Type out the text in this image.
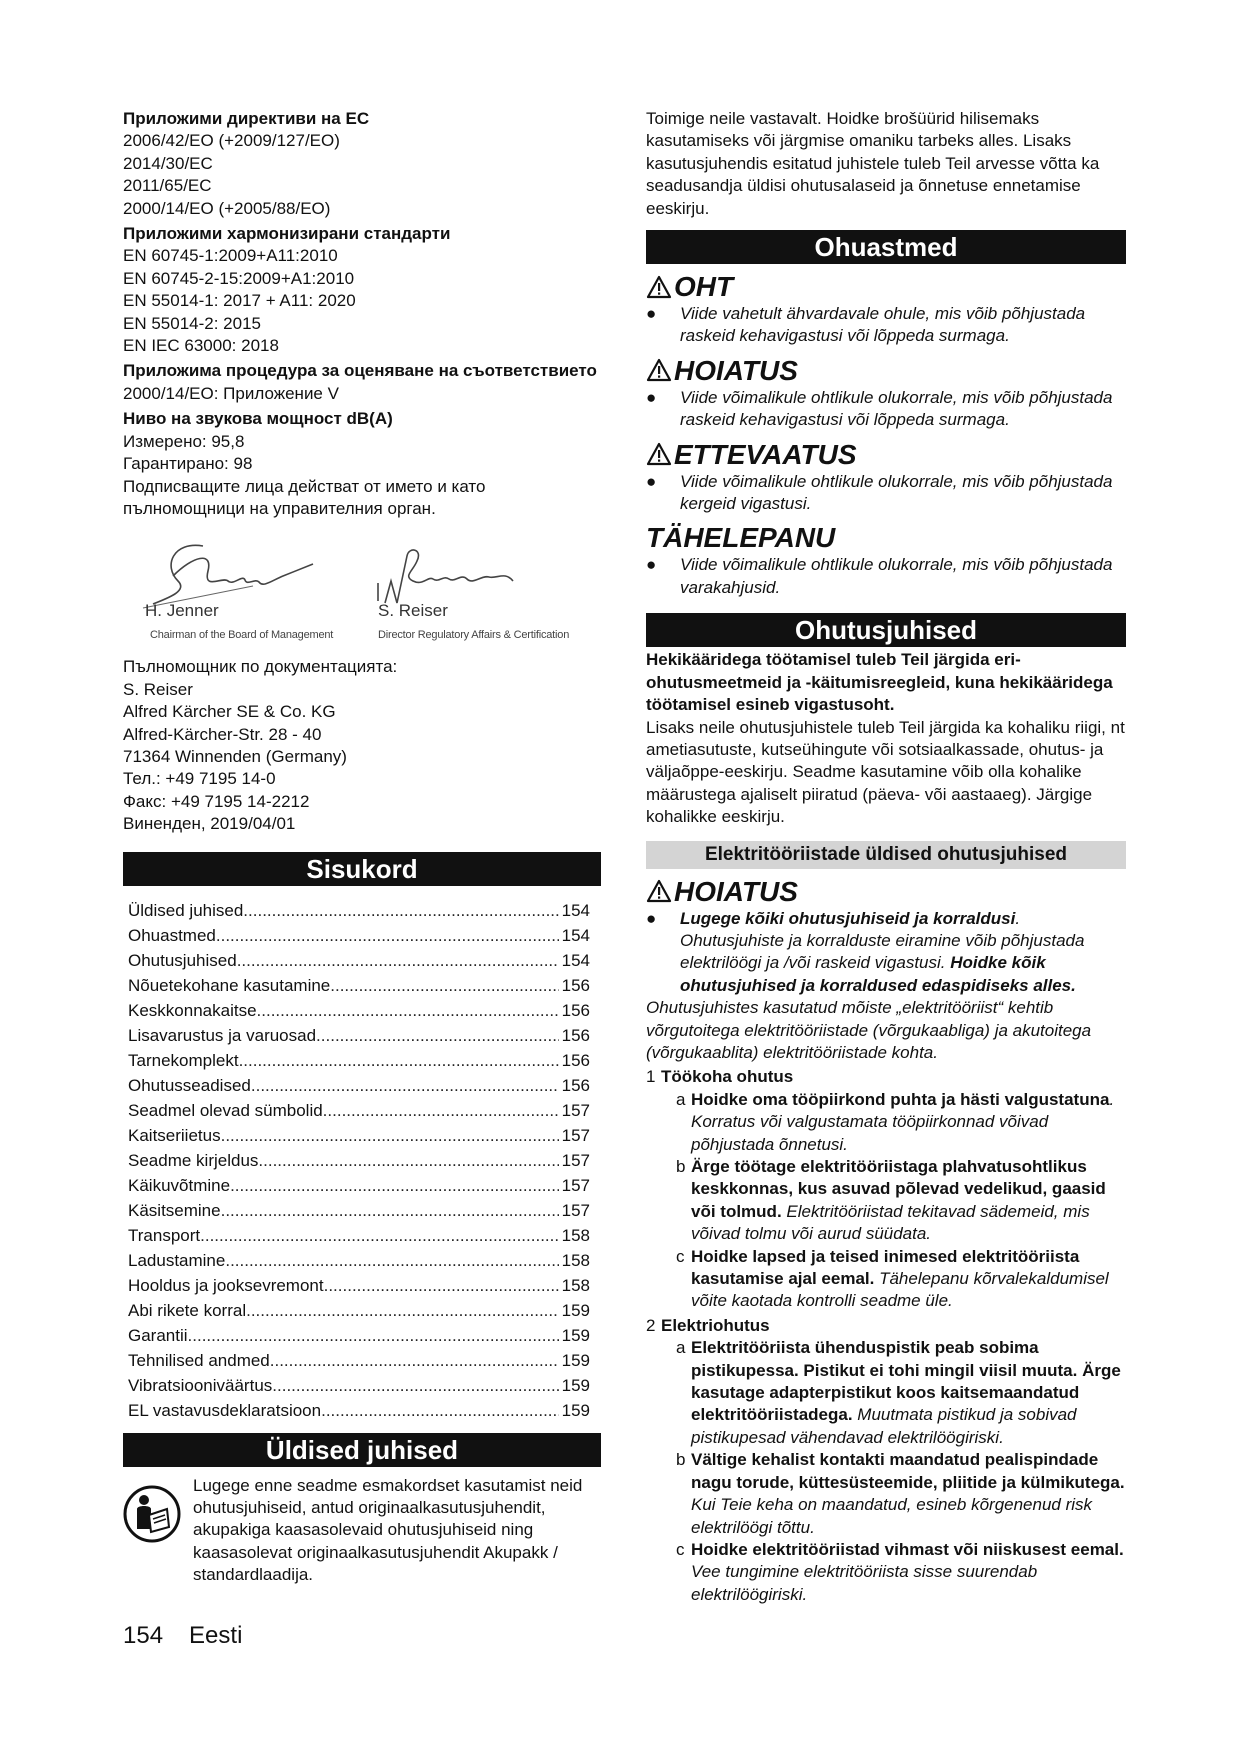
Приложими директиви на ЕС

2006/42/EO (+2009/127/EO)

2014/30/EC

2011/65/EC

2000/14/EO (+2005/88/EO)

Приложими хармонизирани стандарти

EN 60745-1:2009+A11:2010

EN 60745-2-15:2009+A1:2010

EN 55014-1: 2017 + A11: 2020

EN 55014-2: 2015

EN IEC 63000: 2018

Приложима процедура за оценяване на съответствието

2000/14/EO: Приложение V

Ниво на звукова мощност dB(A)

Измерено: 95,8

Гарантирано: 98

Подписващите лица действат от името и като пълномощници на управителния орган.

H. Jenner
Chairman of the Board of Management
S. Reiser
Director Regulatory Affairs & Certification

Пълномощник по документацията:

S. Reiser

Alfred Kärcher SE & Co. KG

Alfred-Kärcher-Str. 28 - 40

71364 Winnenden (Germany)

Тел.: +49 7195 14-0

Факс: +49 7195 14-2212

Виненден, 2019/04/01

Sisukord
Üldised juhised .....	154
Ohuastmed .....	154
Ohutusjuhised .....	154
Nõuetekohane kasutamine .....	156
Keskkonnakaitse .....	156
Lisavarustus ja varuosad .....	156
Tarnekomplekt .....	156
Ohutusseadised .....	156
Seadmel olevad sümbolid .....	157
Kaitseriietus .....	157
Seadme kirjeldus .....	157
Käikuvõtmine .....	157
Käsitsemine .....	157
Transport .....	158
Ladustamine .....	158
Hooldus ja jooksevremont .....	158
Abi rikete korral .....	159
Garantii .....	159
Tehnilised andmed .....	159
Vibratsiooniväärtus .....	159
EL vastavusdeklaratsioon .....	159
Üldised juhised

Lugege enne seadme esmakordset kasutamist neid ohutusjuhiseid, antud originaalkasutusjuhendit, akupakiga kaasasolevaid ohutusjuhiseid ning kaasasolevat originaalkasutusjuhendit Akupakk / standardlaadija.

Toimige neile vastavalt. Hoidke brošüürid hilisemaks kasutamiseks või järgmise omaniku tarbeks alles. Lisaks kasutusjuhendis esitatud juhistele tuleb Teil arvesse võtta ka seadusandja üldisi ohutusalaseid ja õnnetuse ennetamise eeskirju.

Ohuastmed
OHT
●	Viide vahetult ähvardavale ohule, mis võib põhjustada raskeid kehavigastusi või lõppeda surmaga.
HOIATUS
●	Viide võimalikule ohtlikule olukorrale, mis võib põhjustada raskeid kehavigastusi või lõppeda surmaga.
ETTEVAATUS
●	Viide võimalikule ohtlikule olukorrale, mis võib põhjustada kergeid vigastusi.
TÄHELEPANU
●	Viide võimalikule ohtlikule olukorrale, mis võib põhjustada varakahjusid.
Ohutusjuhised

Hekikääridega töötamisel tuleb Teil järgida eri-ohutusmeetmeid ja -käitumisreegleid, kuna hekikääridega töötamisel esineb vigastusoht.

Lisaks neile ohutusjuhistele tuleb Teil järgida ka kohaliku riigi, nt ametiasutuste, kutseühingute või sotsiaalkassade, ohutus- ja väljaõppe-eeskirju. Seadme kasutamine võib olla kohalike määrustega ajaliselt piiratud (päeva- või aastaaeg). Järgige kohalikke eeskirju.

Elektritööriistade üldised ohutusjuhised
HOIATUS
●	Lugege kõiki ohutusjuhiseid ja korraldusi. Ohutusjuhiste ja korralduste eiramine võib põhjustada elektrilöögi ja /või raskeid vigastusi. Hoidke kõik ohutusjuhised ja korraldused edaspidiseks alles.

Ohutusjuhistes kasutatud mõiste „elektritööriist“ kehtib võrgutoitega elektritööriistade (võrgukaabliga) ja akutoitega (võrgukaablita) elektritööriistade kohta.

1 Töökoha ohutus
a Hoidke oma tööpiirkond puhta ja hästi valgustatuna. Korratus või valgustamata tööpiirkonnad võivad põhjustada õnnetusi.
b Ärge töötage elektritööriistaga plahvatusohtlikus keskkonnas, kus asuvad põlevad vedelikud, gaasid või tolmud. Elektritööriistad tekitavad sädemeid, mis võivad tolmu või aurud süüdata.
c Hoidke lapsed ja teised inimesed elektritööriista kasutamise ajal eemal. Tähelepanu kõrvalekaldumisel võite kaotada kontrolli seadme üle.
2 Elektriohutus
a Elektritööriista ühenduspistik peab sobima pistikupessa. Pistikut ei tohi mingil viisil muuta. Ärge kasutage adapterpistikut koos kaitsemaandatud elektritööriistadega. Muutmata pistikud ja sobivad pistikupesad vähendavad elektrilöögiriski.
b Vältige kehalist kontakti maandatud pealispindade nagu torude, küttesüsteemide, pliitide ja külmikutega. Kui Teie keha on maandatud, esineb kõrgenenud risk elektrilöögi tõttu.
c Hoidke elektritööriistad vihmast või niiskusest eemal. Vee tungimine elektritööriista sisse suurendab elektrilöögiriski.
154 Eesti
